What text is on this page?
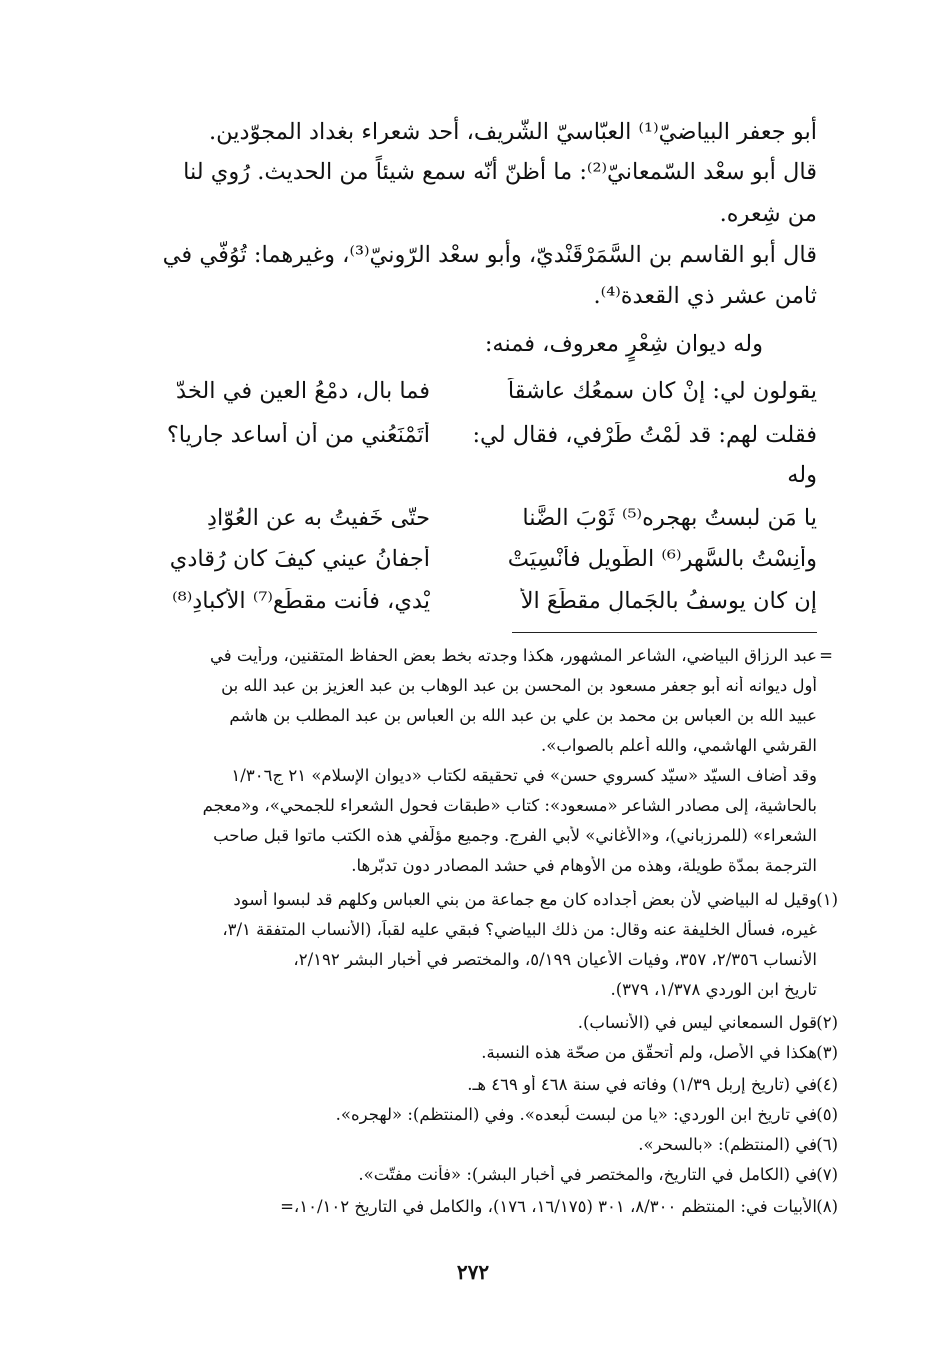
أبو جعفر البياضيّ⁽¹⁾ العبّاسيّ الشّريف، أحد شعراء بغداد المجوّدين.

قال أبو سعْد السّمعانيّ⁽²⁾: ما أظنّ أنّه سمع شيئاً من الحديث. رُوي لنا

من شِعره.

قال أبو القاسم بن السَّمَرْقَنْديّ، وأبو سعْد الرّونيّ⁽³⁾، وغيرهما: تُوُفّي في

ثامن عشر ذي القعدة⁽⁴⁾.

وله ديوان شِعْرٍ معروف، فمنه:

يقولون لي: إنْ كان سمعُك عاشقاً
فما بال، دمْعُ العينِ في الخدّ
فقلت لهم: قد لُمْتُ طَرْفي، فقال لي:
أتَمْنَعُني من أن أساعد جاريا؟
وله
يا مَن لبستُ بهجره⁽⁵⁾ ثَوْبَ الضَّنا
حتّى خَفيتُ به عن العُوّادِ
وأنِسْتُ بالسَّهر⁽⁶⁾ الطّويل فأُنْسِيَتْ
أجفانُ عيني كيفَ كان رُقادي
إن كان يوسفُ بالجَمالِ مقطِّعَ الأ
يْدي، فأنت مقطِّع⁽⁷⁾ الأكبادِ⁽⁸⁾
=
عبد الرزاق البياضي، الشاعر المشهور، هكذا وجدته بخط بعض الحفاظ المتقنين، ورأيت في
أول ديوانه أنه أبو جعفر مسعود بن المحسن بن عبد الوهاب بن عبد العزيز بن عبد الله بن
عبيد الله بن العباس بن محمد بن علي بن عبد الله بن العباس بن عبد المطلب بن هاشم
القرشي الهاشمي، والله أعلم بالصواب».
وقد أضاف السيّد «سيّد كسروي حسن» في تحقيقه لكتاب «ديوان الإسلام» ٢١ ج١/٣٠٦
بالحاشية، إلى مصادر الشاعر «مسعود»: كتاب «طبقات فحول الشعراء للجمحي»، و«معجم
الشعراء» (للمرزباني)، و«الأغاني» لأبي الفرج. وجميع مؤلّفي هذه الكتب ماتوا قبل صاحب
الترجمة بمدّة طويلة، وهذه من الأوهام في حشد المصادر دون تدبّرها.
(١)
وقيل له البياضي لأن بعض أجداده كان مع جماعة من بني العباس وكلهم قد لبسوا أسود
غيره، فسأل الخليفة عنه وقال: من ذلك البياضي؟ فبقي عليه لقباً، (الأنساب المتفقة ٣/١،
الأنساب ٢/٣٥٦، ٣٥٧، وفيات الأعيان ٥/١٩٩، والمختصر في أخبار البشر ٢/١٩٢،
تاريخ ابن الوردي ١/٣٧٨، ٣٧٩).
(٢)
قول السمعاني ليس في (الأنساب).
(٣)
هكذا في الأصل، ولم أتحقّق من صحّة هذه النسبة.
(٤)
في (تاريخ إربل ١/٣٩) وفاته في سنة ٤٦٨ أو ٤٦٩ هـ.
(٥)
في تاريخ ابن الوردي: «يا من لبست لُبعده». وفي (المنتظم): «لهجره».
(٦)
في (المنتظم): «بالسحر».
(٧)
في (الكامل في التاريخ، والمختصر في أخبار البشر): «فأنت مفتّت».
(٨)
الأبيات في: المنتظم ٨/٣٠٠، ٣٠١ (١٦/١٧٥، ١٧٦)، والكامل في التاريخ ١٠/١٠٢،=
٢٧٢
